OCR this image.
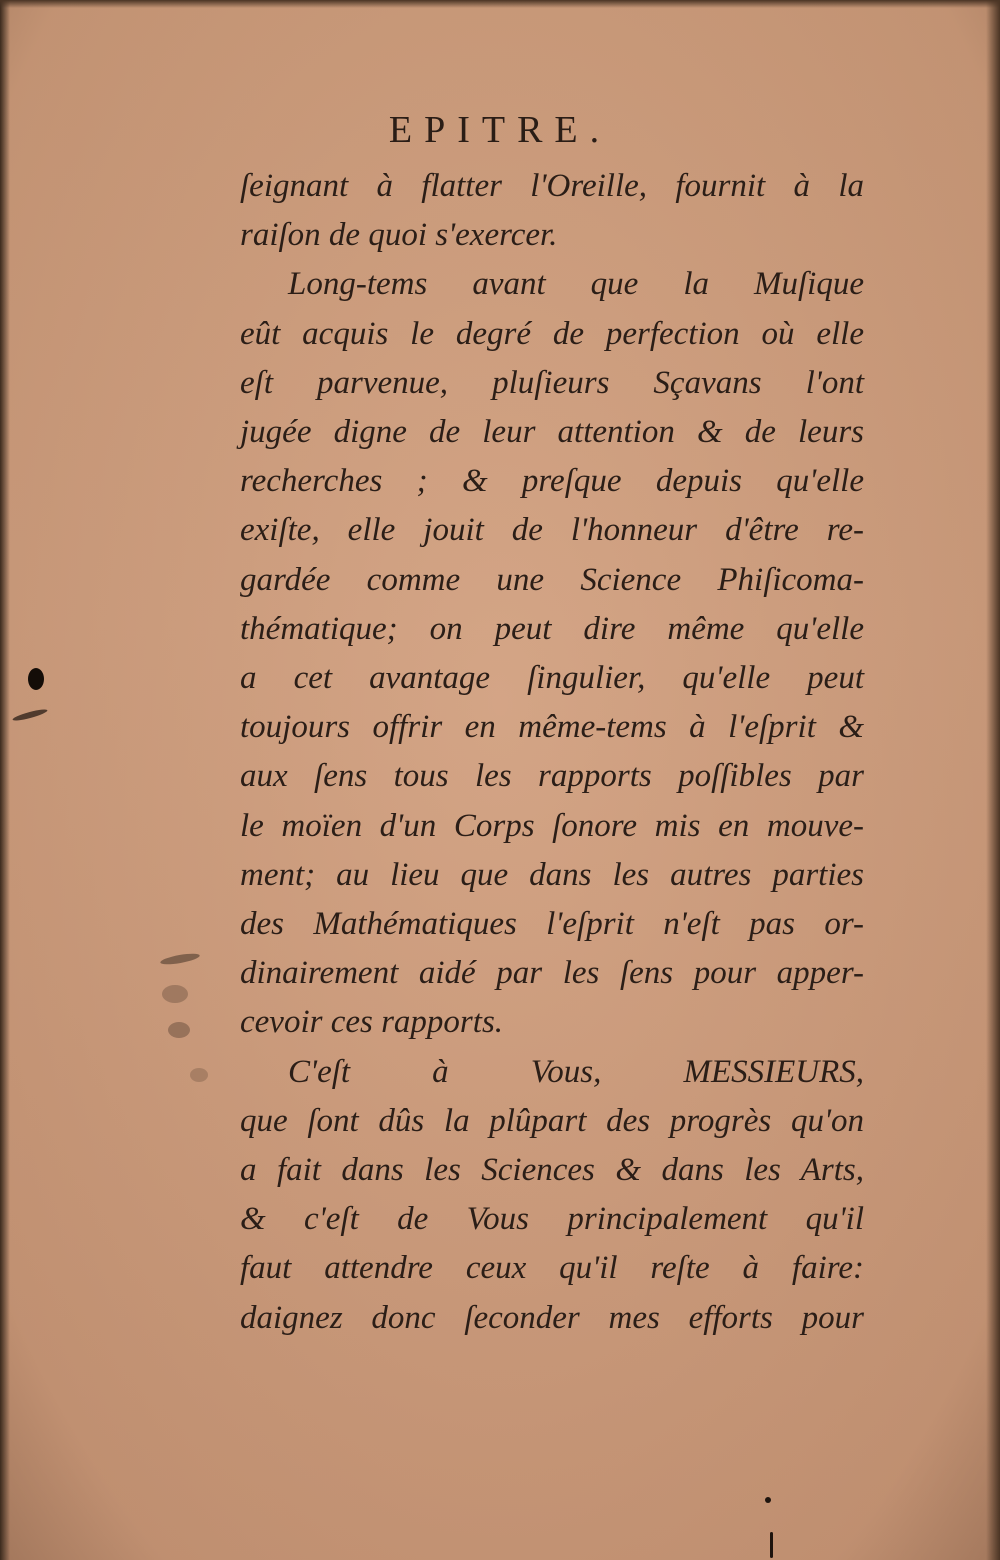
EPITRE.
ſeignant à flatter l'Oreille, fournit à la
raiſon de quoi s'exercer.
Long-tems avant que la Muſique
eût acquis le degré de perfection où elle
eſt parvenue, pluſieurs Sçavans l'ont
jugée digne de leur attention & de leurs
recherches ; & preſque depuis qu'elle
exiſte, elle jouit de l'honneur d'être re-
gardée comme une Science Phiſicoma-
thématique; on peut dire même qu'elle
a cet avantage ſingulier, qu'elle peut
toujours offrir en même-tems à l'eſprit &
aux ſens tous les rapports poſſibles par
le moïen d'un Corps ſonore mis en mouve-
ment; au lieu que dans les autres parties
des Mathématiques l'eſprit n'eſt pas or-
dinairement aidé par les ſens pour apper-
cevoir ces rapports.
C'eſt à Vous, MESSIEURS,
que ſont dûs la plûpart des progrès qu'on
a fait dans les Sciences & dans les Arts,
& c'eſt de Vous principalement qu'il
faut attendre ceux qu'il reſte à faire:
daignez donc ſeconder mes efforts pour
